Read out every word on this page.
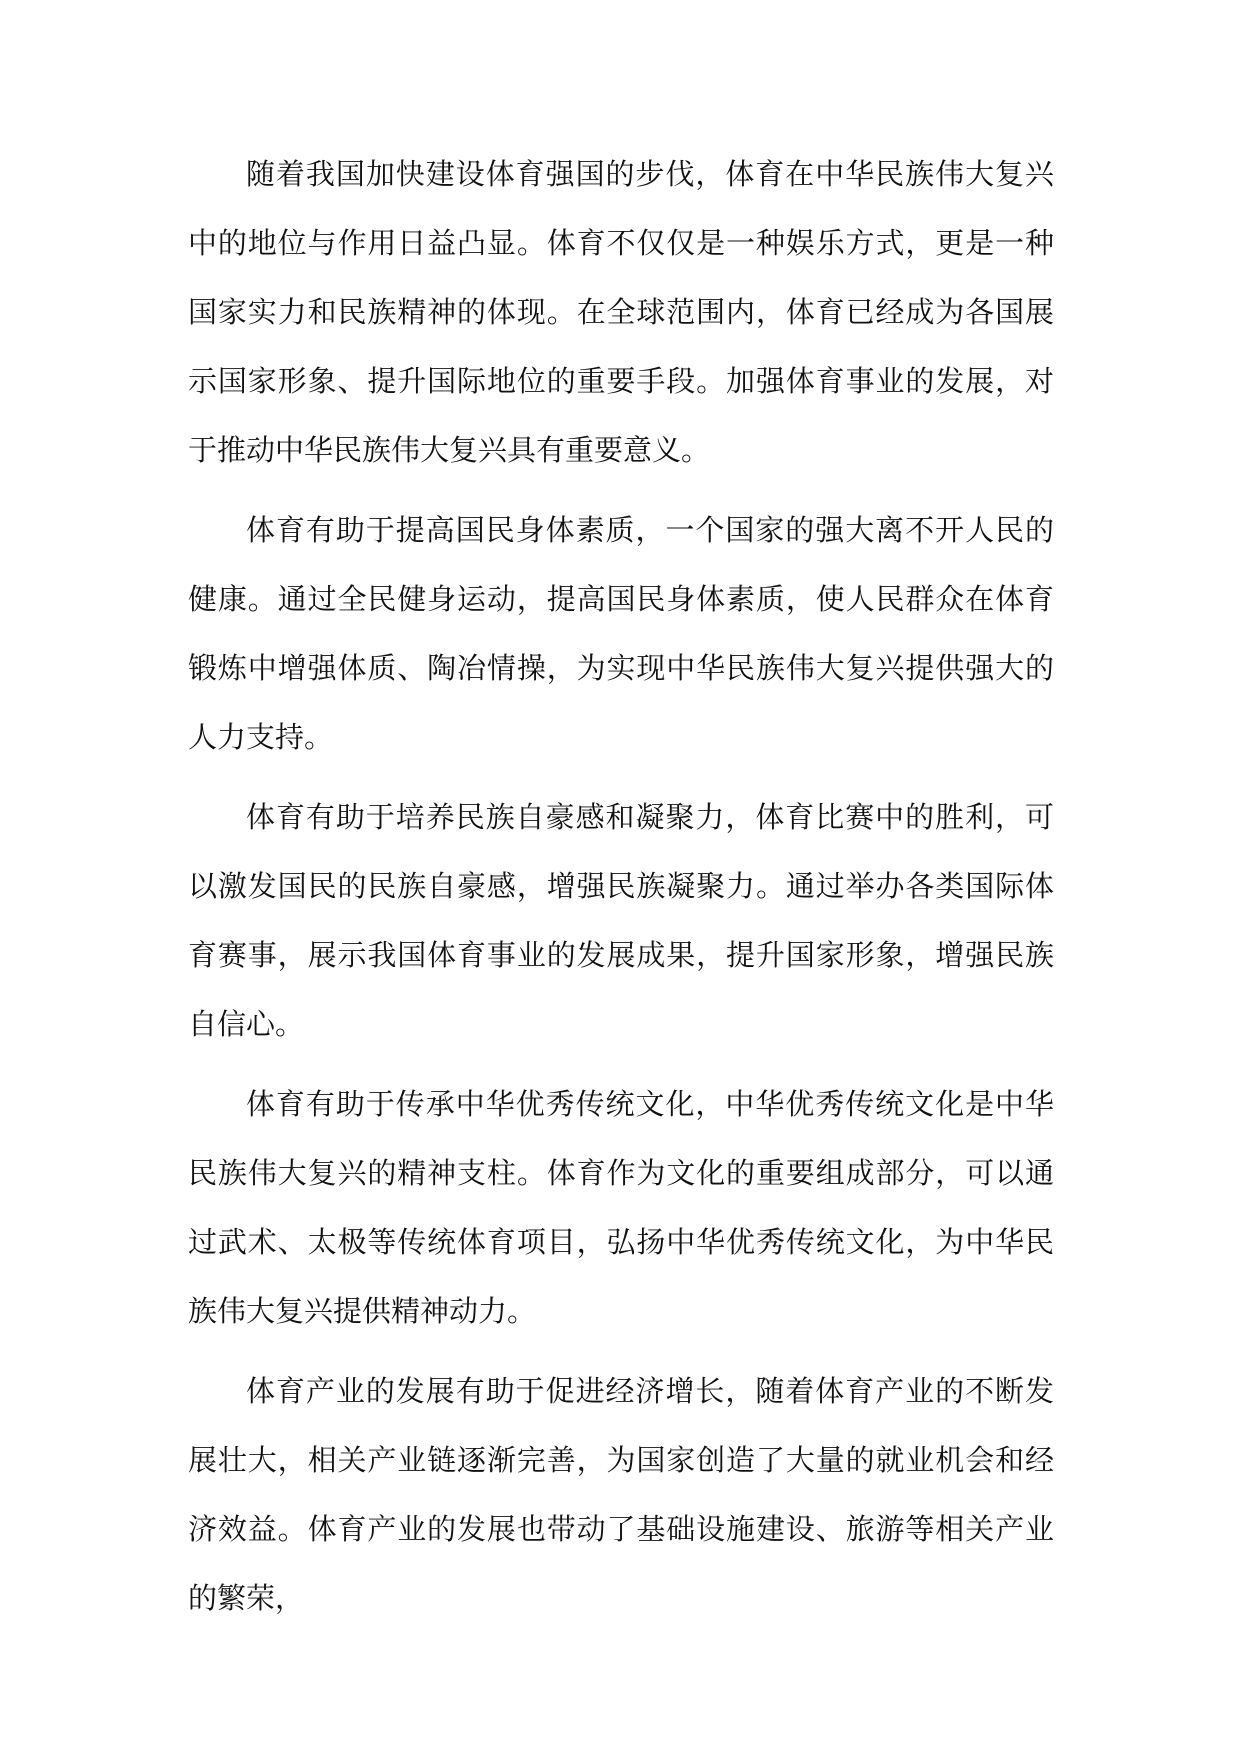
随着我国加快建设体育强国的步伐，体育在中华民族伟大复兴中的地位与作用日益凸显。体育不仅仅是一种娱乐方式，更是一种国家实力和民族精神的体现。在全球范围内，体育已经成为各国展示国家形象、提升国际地位的重要手段。加强体育事业的发展，对于推动中华民族伟大复兴具有重要意义。

体育有助于提高国民身体素质，一个国家的强大离不开人民的健康。通过全民健身运动，提高国民身体素质，使人民群众在体育锻炼中增强体质、陶冶情操，为实现中华民族伟大复兴提供强大的人力支持。

体育有助于培养民族自豪感和凝聚力，体育比赛中的胜利，可以激发国民的民族自豪感，增强民族凝聚力。通过举办各类国际体育赛事，展示我国体育事业的发展成果，提升国家形象，增强民族自信心。

体育有助于传承中华优秀传统文化，中华优秀传统文化是中华民族伟大复兴的精神支柱。体育作为文化的重要组成部分，可以通过武术、太极等传统体育项目，弘扬中华优秀传统文化，为中华民族伟大复兴提供精神动力。

体育产业的发展有助于促进经济增长，随着体育产业的不断发展壮大，相关产业链逐渐完善，为国家创造了大量的就业机会和经济效益。体育产业的发展也带动了基础设施建设、旅游等相关产业的繁荣，
